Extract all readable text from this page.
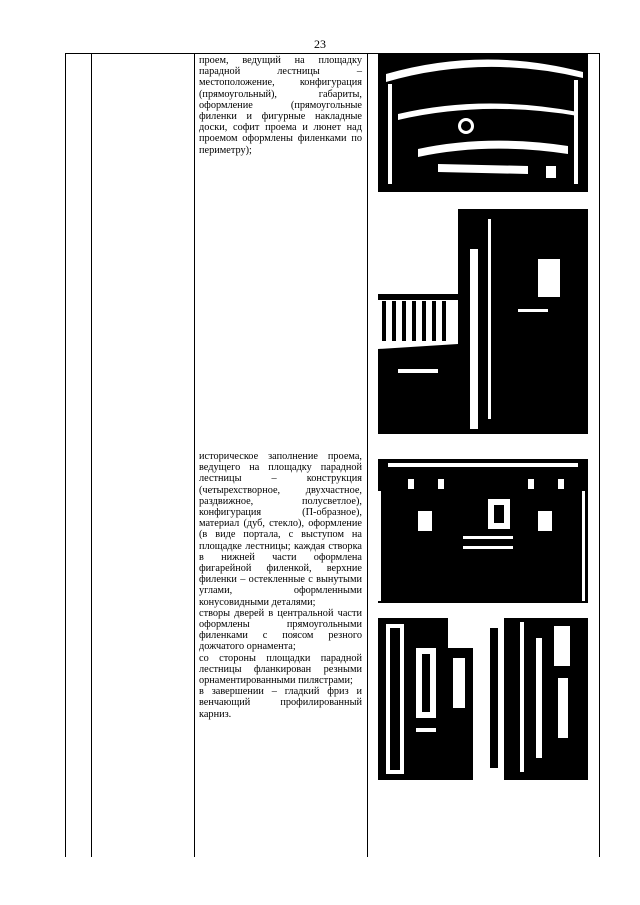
23

проем, ведущий на площадку парадной лестницы – местоположение, конфигурация (прямоугольный), габариты, оформление (прямоугольные филенки и фигурные накладные доски, софит проема и люнет над проемом оформлены филенками по периметру);

историческое заполнение проема, ведущего на площадку парадной лестницы – конструкция (четырехстворное, двухчастное, раздвижное, полусветлое), конфигурация (П-образное), материал (дуб, стекло), оформление (в виде портала, с выступом на площадке лестницы; каждая створка в нижней части оформлена фигарейной филенкой, верхние филенки – остекленные с вынутыми углами, оформленными конусовидными деталями;

створы дверей в центральной части оформлены прямоугольными филенками с поясом резного дожчатого орнамента;

со стороны площадки парадной лестницы фланкирован резными орнаментированными пилястрами;

в завершении – гладкий фриз и венчающий профилированный карниз.
